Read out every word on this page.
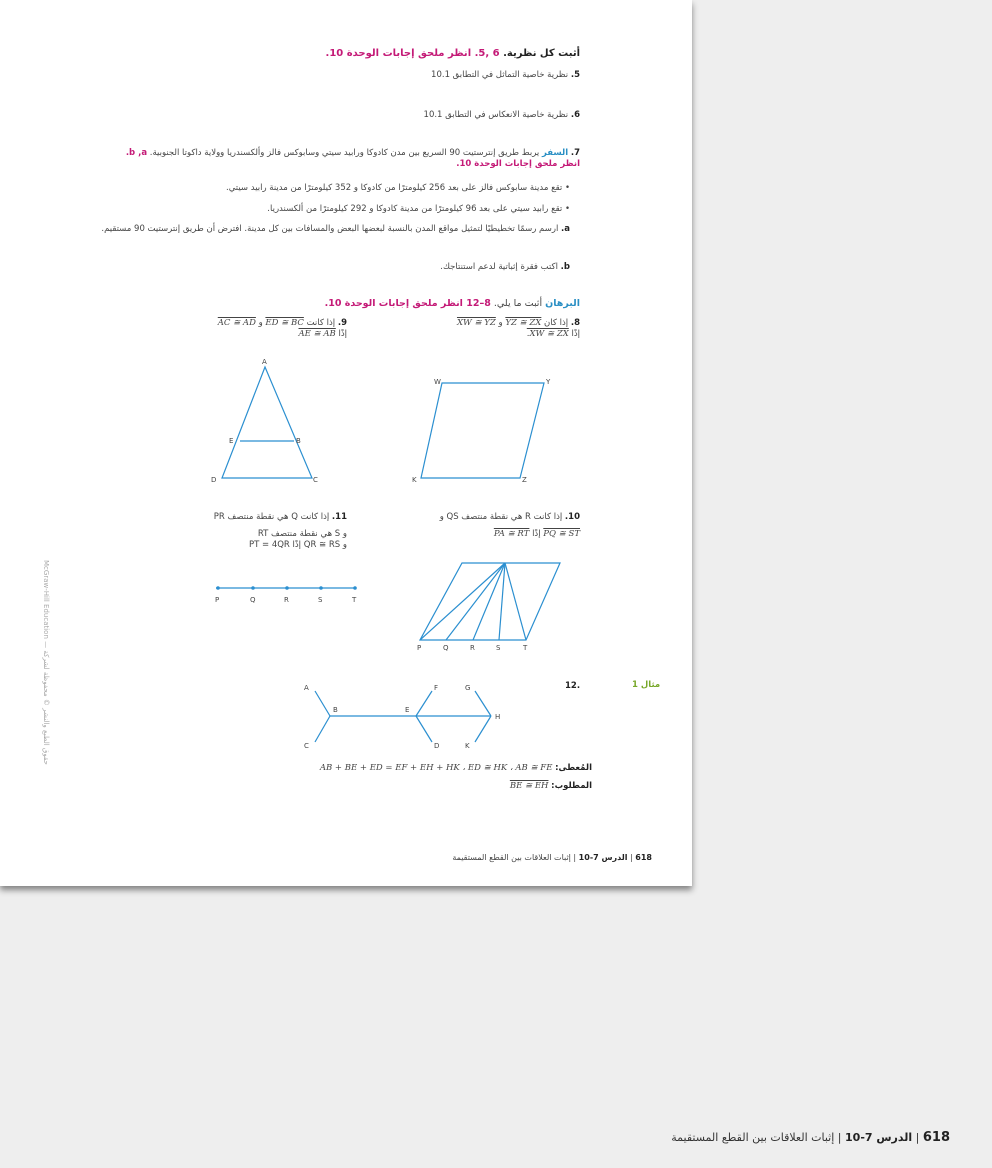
أثبت كل نظرية. 6 ,5. انظر ملحق إجابات الوحدة 10.
5. نظرية خاصية التماثل في التطابق 10.1
6. نظرية خاصية الانعكاس في التطابق 10.1
7. السفر يربط طريق إنترستيت 90 السريع بين مدن كادوكا ورابيد سيتي وسابوكس فالز وألكسندريا وولاية داكوتا الجنوبية. b ,a. انظر ملحق إجابات الوحدة 10.
• تقع مدينة سابوكس فالز على بعد 256 كيلومترًا من كادوكا و 352 كيلومترًا من مدينة رابيد سيتي.
• تقع رابيد سيتي على بعد 96 كيلومترًا من مدينة كادوكا و 292 كيلومترًا من ألكسندريا.
a. ارسم رسمًا تخطيطيًا لتمثيل مواقع المدن بالنسبة لبعضها البعض والمسافات بين كل مدينة. افترض أن طريق إنترستيت 90 مستقيم.
b. اكتب فقرة إثباتية لدعم استنتاجك.
البرهان أثبت ما يلي. 8–12 انظر ملحق إجابات الوحدة 10.
8. إذا كان YZ ≅ ZX و XW ≅ YZ
إذًا XW ≅ ZX.
9. إذا كانت ED ≅ BC و AC ≅ AD
إذًا AE ≅ AB
A
E	B
D	C
W	Y
K	Z
11. إذا كانت Q هي نقطة منتصف PR
و S هي نقطة منتصف RT
و QR ≅ RS إذًا PT = 4QR
10. إذا كانت R هي نقطة منتصف QS و
PQ ≅ ST إذًا PA ≅ RT
P	Q	R	S	T
P	Q	R	S	T
مثال 1
12.
A
B
C
F
E
D
G
H
K
المُعطى: AB + BE + ED = EF + EH + HK ، ED ≅ HK ، AB ≅ FE
المطلوب: BE ≅ EH
McGraw-Hill Education — حقوق الطبع والنشر © محفوظة لشركة
618 | الدرس 7-10 | إثبات العلاقات بين القطع المستقيمة
618 | الدرس 7-10 | إثبات العلاقات بين القطع المستقيمة
